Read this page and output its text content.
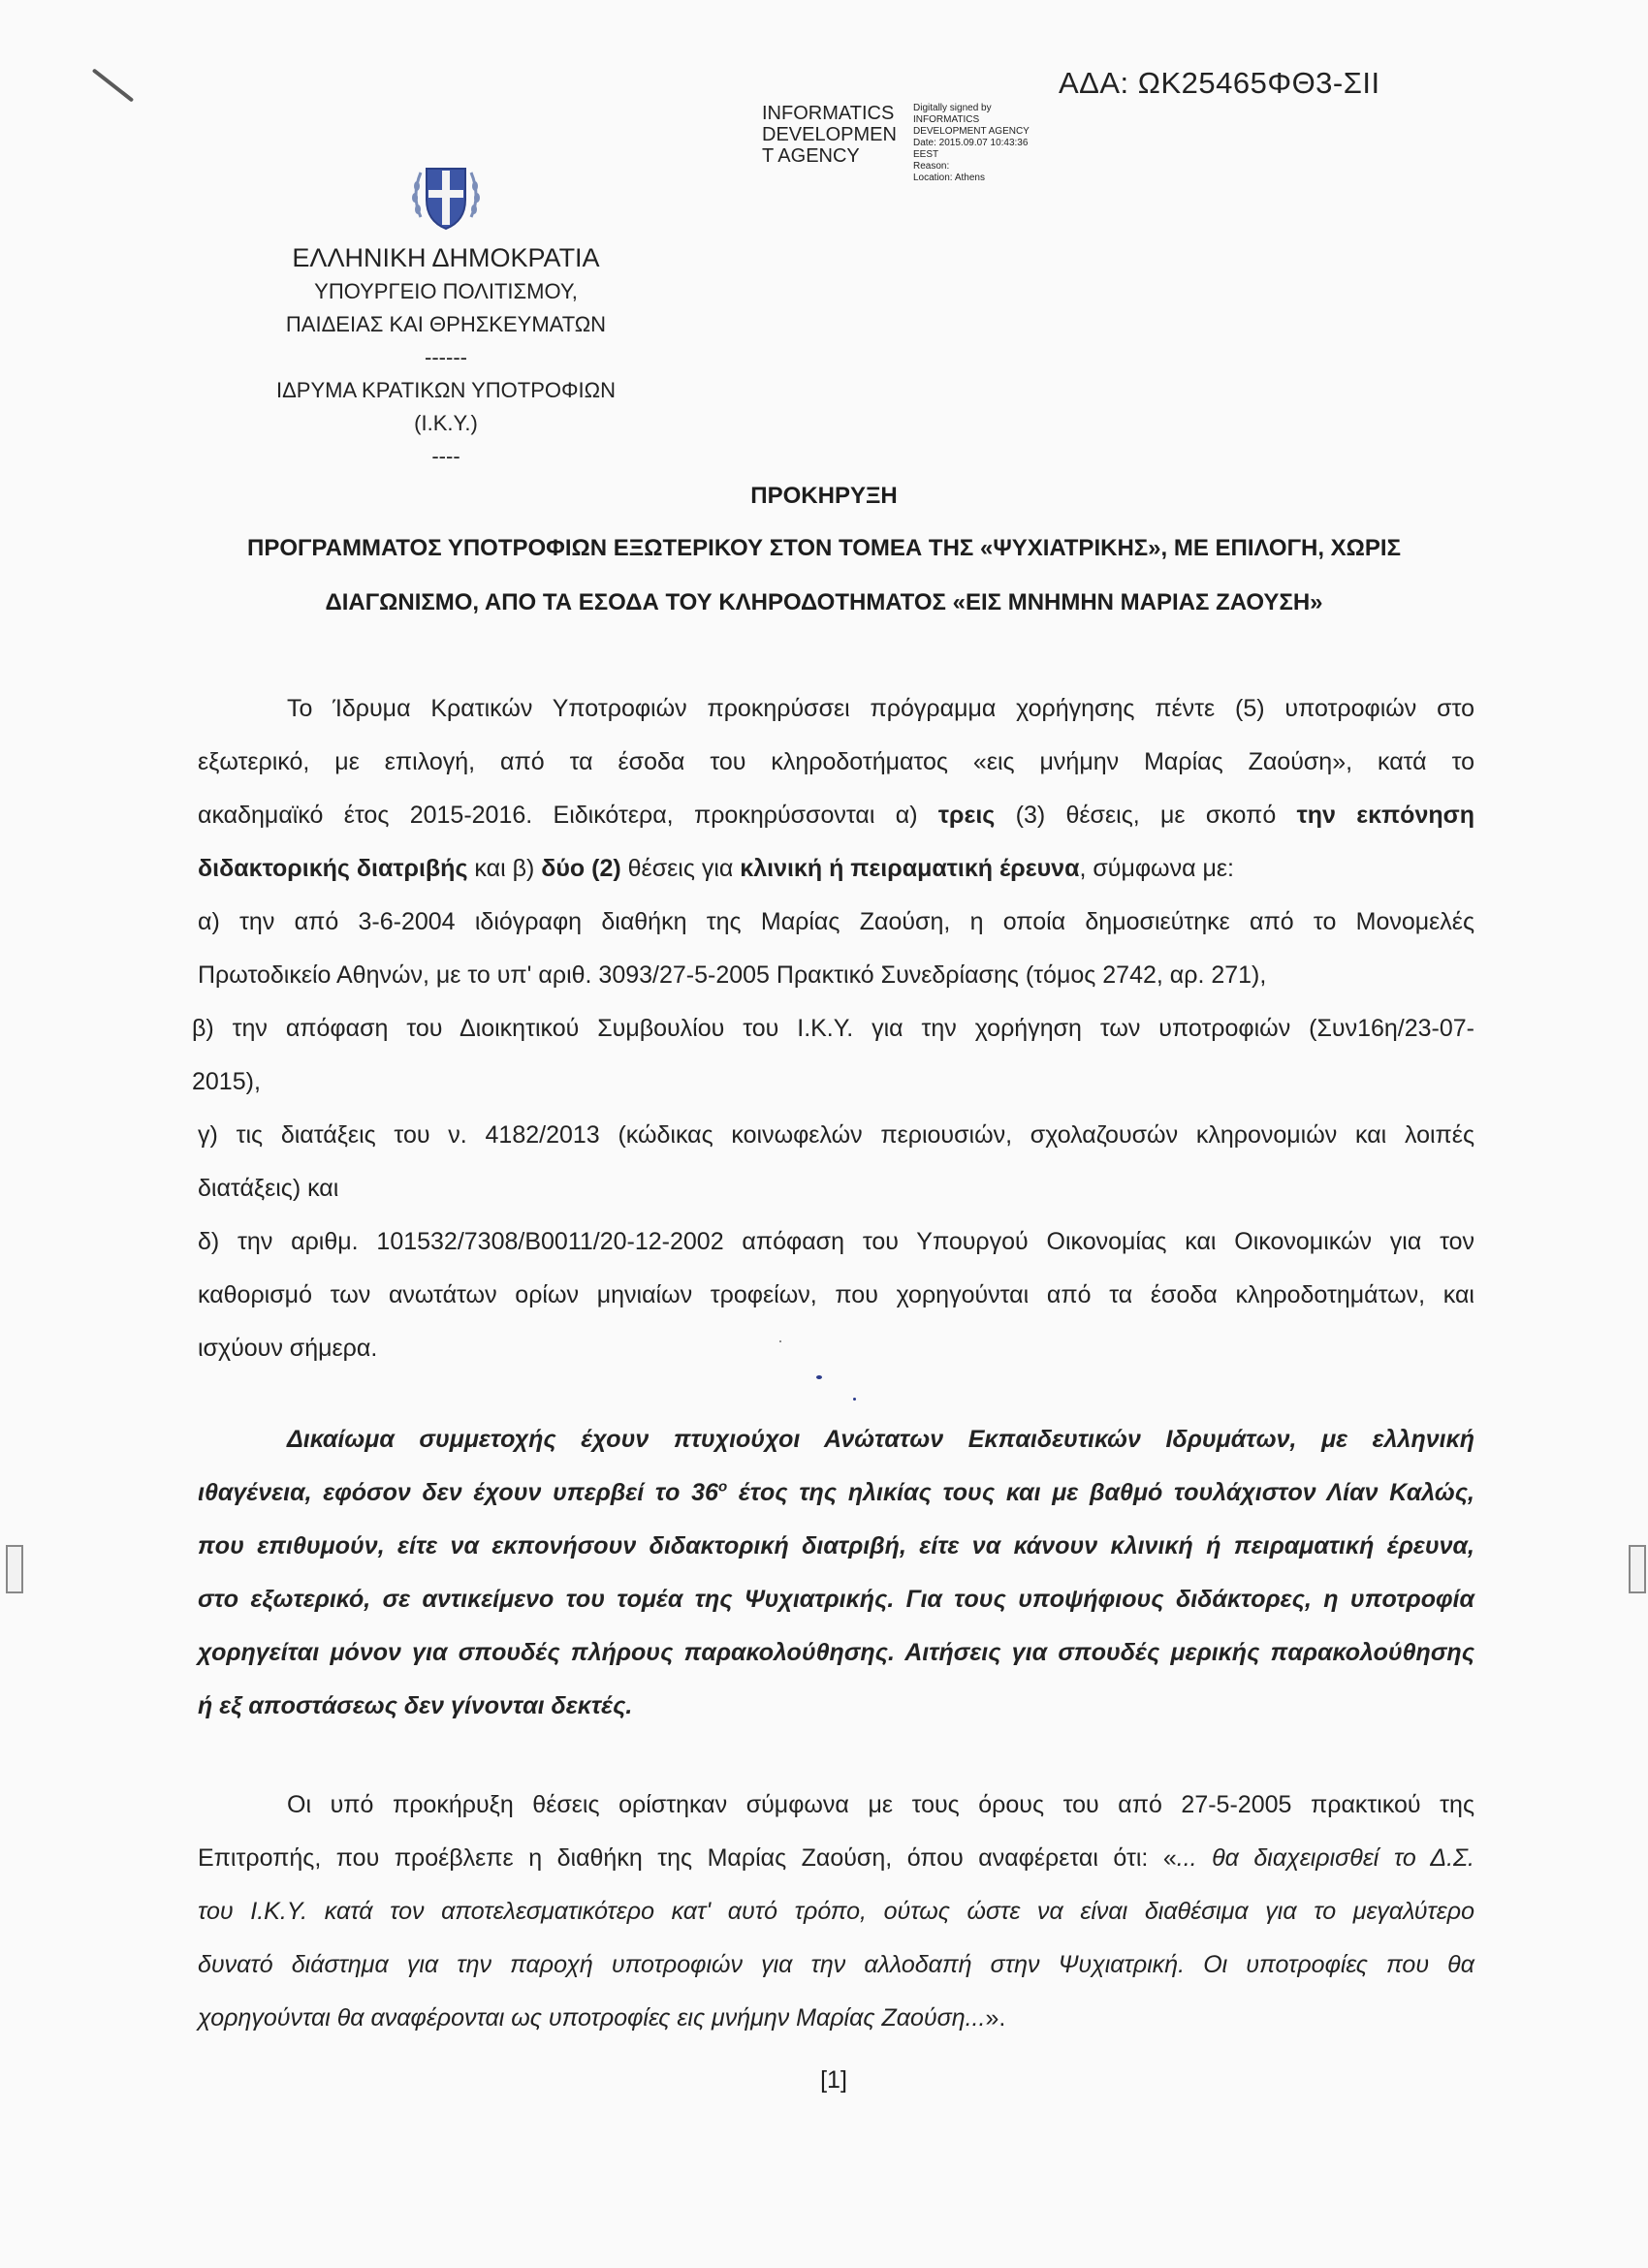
ΑΔΑ: ΩΚ25465ΦΘ3-ΣΙΙ
INFORMATICS
DEVELOPMEN
T AGENCY
Digitally signed by
INFORMATICS
DEVELOPMENT AGENCY
Date: 2015.09.07 10:43:36
EEST
Reason:
Location: Athens
ΕΛΛΗΝΙΚΗ ΔΗΜΟΚΡΑΤΙΑ
ΥΠΟΥΡΓΕΙΟ ΠΟΛΙΤΙΣΜΟΥ,
ΠΑΙΔΕΙΑΣ ΚΑΙ ΘΡΗΣΚΕΥΜΑΤΩΝ
------
ΙΔΡΥΜΑ ΚΡΑΤΙΚΩΝ ΥΠΟΤΡΟΦΙΩΝ
(Ι.Κ.Υ.)
----
ΠΡΟΚΗΡΥΞΗ
ΠΡΟΓΡΑΜΜΑΤΟΣ ΥΠΟΤΡΟΦΙΩΝ ΕΞΩΤΕΡΙΚΟΥ ΣΤΟΝ ΤΟΜΕΑ ΤΗΣ «ΨΥΧΙΑΤΡΙΚΗΣ», ΜΕ ΕΠΙΛΟΓΗ, ΧΩΡΙΣ
ΔΙΑΓΩΝΙΣΜΟ, ΑΠΟ ΤΑ ΕΣΟΔΑ ΤΟΥ ΚΛΗΡΟΔΟΤΗΜΑΤΟΣ «ΕΙΣ ΜΝΗΜΗΝ ΜΑΡΙΑΣ ΖΑΟΥΣΗ»
Το Ίδρυμα Κρατικών Υποτροφιών προκηρύσσει πρόγραμμα χορήγησης πέντε (5) υποτροφιών στο
εξωτερικό, με επιλογή, από τα έσοδα του κληροδοτήματος «εις μνήμην Μαρίας Ζαούση», κατά το
ακαδημαϊκό έτος 2015-2016. Ειδικότερα, προκηρύσσονται α) τρεις (3) θέσεις, με σκοπό την εκπόνηση
διδακτορικής διατριβής και β) δύο (2) θέσεις για κλινική ή πειραματική έρευνα, σύμφωνα με:
α) την από 3-6-2004 ιδιόγραφη διαθήκη της Μαρίας Ζαούση, η οποία δημοσιεύτηκε από το Μονομελές
Πρωτοδικείο Αθηνών, με το υπ' αριθ. 3093/27-5-2005 Πρακτικό Συνεδρίασης (τόμος 2742, αρ. 271),
β) την απόφαση του Διοικητικού Συμβουλίου του Ι.Κ.Υ. για την χορήγηση των υποτροφιών (Συν16η/23-07-
2015),
γ) τις διατάξεις του ν. 4182/2013 (κώδικας κοινωφελών περιουσιών, σχολαζουσών κληρονομιών και λοιπές
διατάξεις) και
δ) την αριθμ. 101532/7308/Β0011/20-12-2002 απόφαση του Υπουργού Οικονομίας και Οικονομικών για τον
καθορισμό των ανωτάτων ορίων μηνιαίων τροφείων, που χορηγούνται από τα έσοδα κληροδοτημάτων, και
ισχύουν σήμερα.
Δικαίωμα συμμετοχής έχουν πτυχιούχοι Ανώτατων Εκπαιδευτικών Ιδρυμάτων, με ελληνική
ιθαγένεια, εφόσον δεν έχουν υπερβεί το $36^o$ έτος της ηλικίας τους και με βαθμό τουλάχιστον Λίαν Καλώς,
που επιθυμούν, είτε να εκπονήσουν διδακτορική διατριβή, είτε να κάνουν κλινική ή πειραματική έρευνα,
στο εξωτερικό, σε αντικείμενο του τομέα της Ψυχιατρικής. Για τους υποψήφιους διδάκτορες, η υποτροφία
χορηγείται μόνον για σπουδές πλήρους παρακολούθησης. Αιτήσεις για σπουδές μερικής παρακολούθησης
ή εξ αποστάσεως δεν γίνονται δεκτές.
Οι υπό προκήρυξη θέσεις ορίστηκαν σύμφωνα με τους όρους του από 27-5-2005 πρακτικού της
Επιτροπής, που προέβλεπε η διαθήκη της Μαρίας Ζαούση, όπου αναφέρεται ότι: «... θα διαχειρισθεί το Δ.Σ.
του Ι.Κ.Υ. κατά τον αποτελεσματικότερο κατ' αυτό τρόπο, ούτως ώστε να είναι διαθέσιμα για το μεγαλύτερο
δυνατό διάστημα για την παροχή υποτροφιών για την αλλοδαπή στην Ψυχιατρική. Οι υποτροφίες που θα
χορηγούνται θα αναφέρονται ως υποτροφίες εις μνήμην Μαρίας Ζαούση...».
[1]
